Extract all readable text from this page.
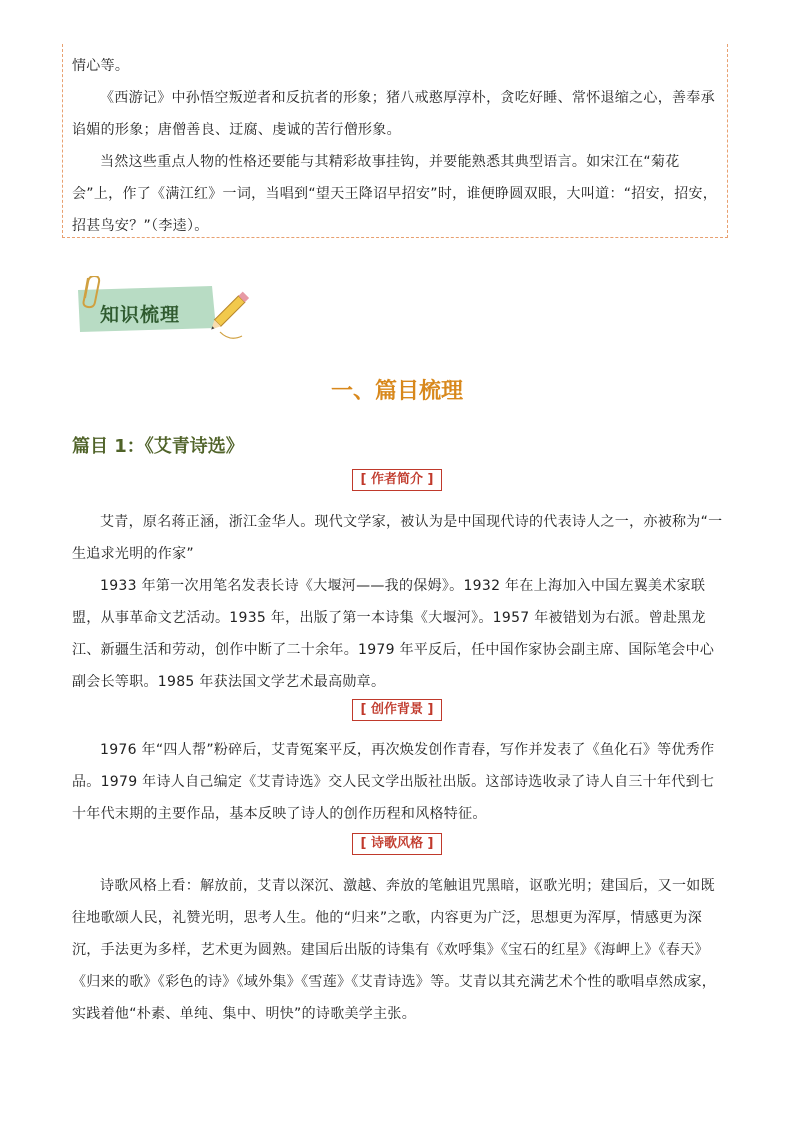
情心等。

《西游记》中孙悟空叛逆者和反抗者的形象；猪八戒憨厚淳朴，贪吃好睡、常怀退缩之心，善奉承谄媚的形象；唐僧善良、迂腐、虔诚的苦行僧形象。

当然这些重点人物的性格还要能与其精彩故事挂钩，并要能熟悉其典型语言。如宋江在“菊花会”上，作了《满江红》一词，当唱到“望天王降诏早招安”时，谁便睁圆双眼，大叫道：“招安，招安，招甚鸟安？”（李逵）。

知识梳理
一、篇目梳理
篇目 1：《艾青诗选》
[ 作者简介 ]

艾青，原名蒋正涵，浙江金华人。现代文学家，被认为是中国现代诗的代表诗人之一，亦被称为“一生追求光明的作家”

1933 年第一次用笔名发表长诗《大堰河——我的保姆》。1932 年在上海加入中国左翼美术家联盟，从事革命文艺活动。1935 年，出版了第一本诗集《大堰河》。1957 年被错划为右派。曾赴黑龙江、新疆生活和劳动，创作中断了二十余年。1979 年平反后，任中国作家协会副主席、国际笔会中心副会长等职。1985 年获法国文学艺术最高勋章。

[ 创作背景 ]

1976 年“四人帮”粉碎后，艾青冤案平反，再次焕发创作青春，写作并发表了《鱼化石》等优秀作品。1979 年诗人自己编定《艾青诗选》交人民文学出版社出版。这部诗选收录了诗人自三十年代到七十年代末期的主要作品，基本反映了诗人的创作历程和风格特征。

[ 诗歌风格 ]

诗歌风格上看：解放前，艾青以深沉、激越、奔放的笔触诅咒黑暗，讴歌光明；建国后，又一如既往地歌颂人民，礼赞光明，思考人生。他的“归来”之歌，内容更为广泛，思想更为浑厚，情感更为深沉，手法更为多样，艺术更为圆熟。建国后出版的诗集有《欢呼集》《宝石的红星》《海岬上》《春天》《归来的歌》《彩色的诗》《域外集》《雪莲》《艾青诗选》等。艾青以其充满艺术个性的歌唱卓然成家，实践着他“朴素、单纯、集中、明快”的诗歌美学主张。
